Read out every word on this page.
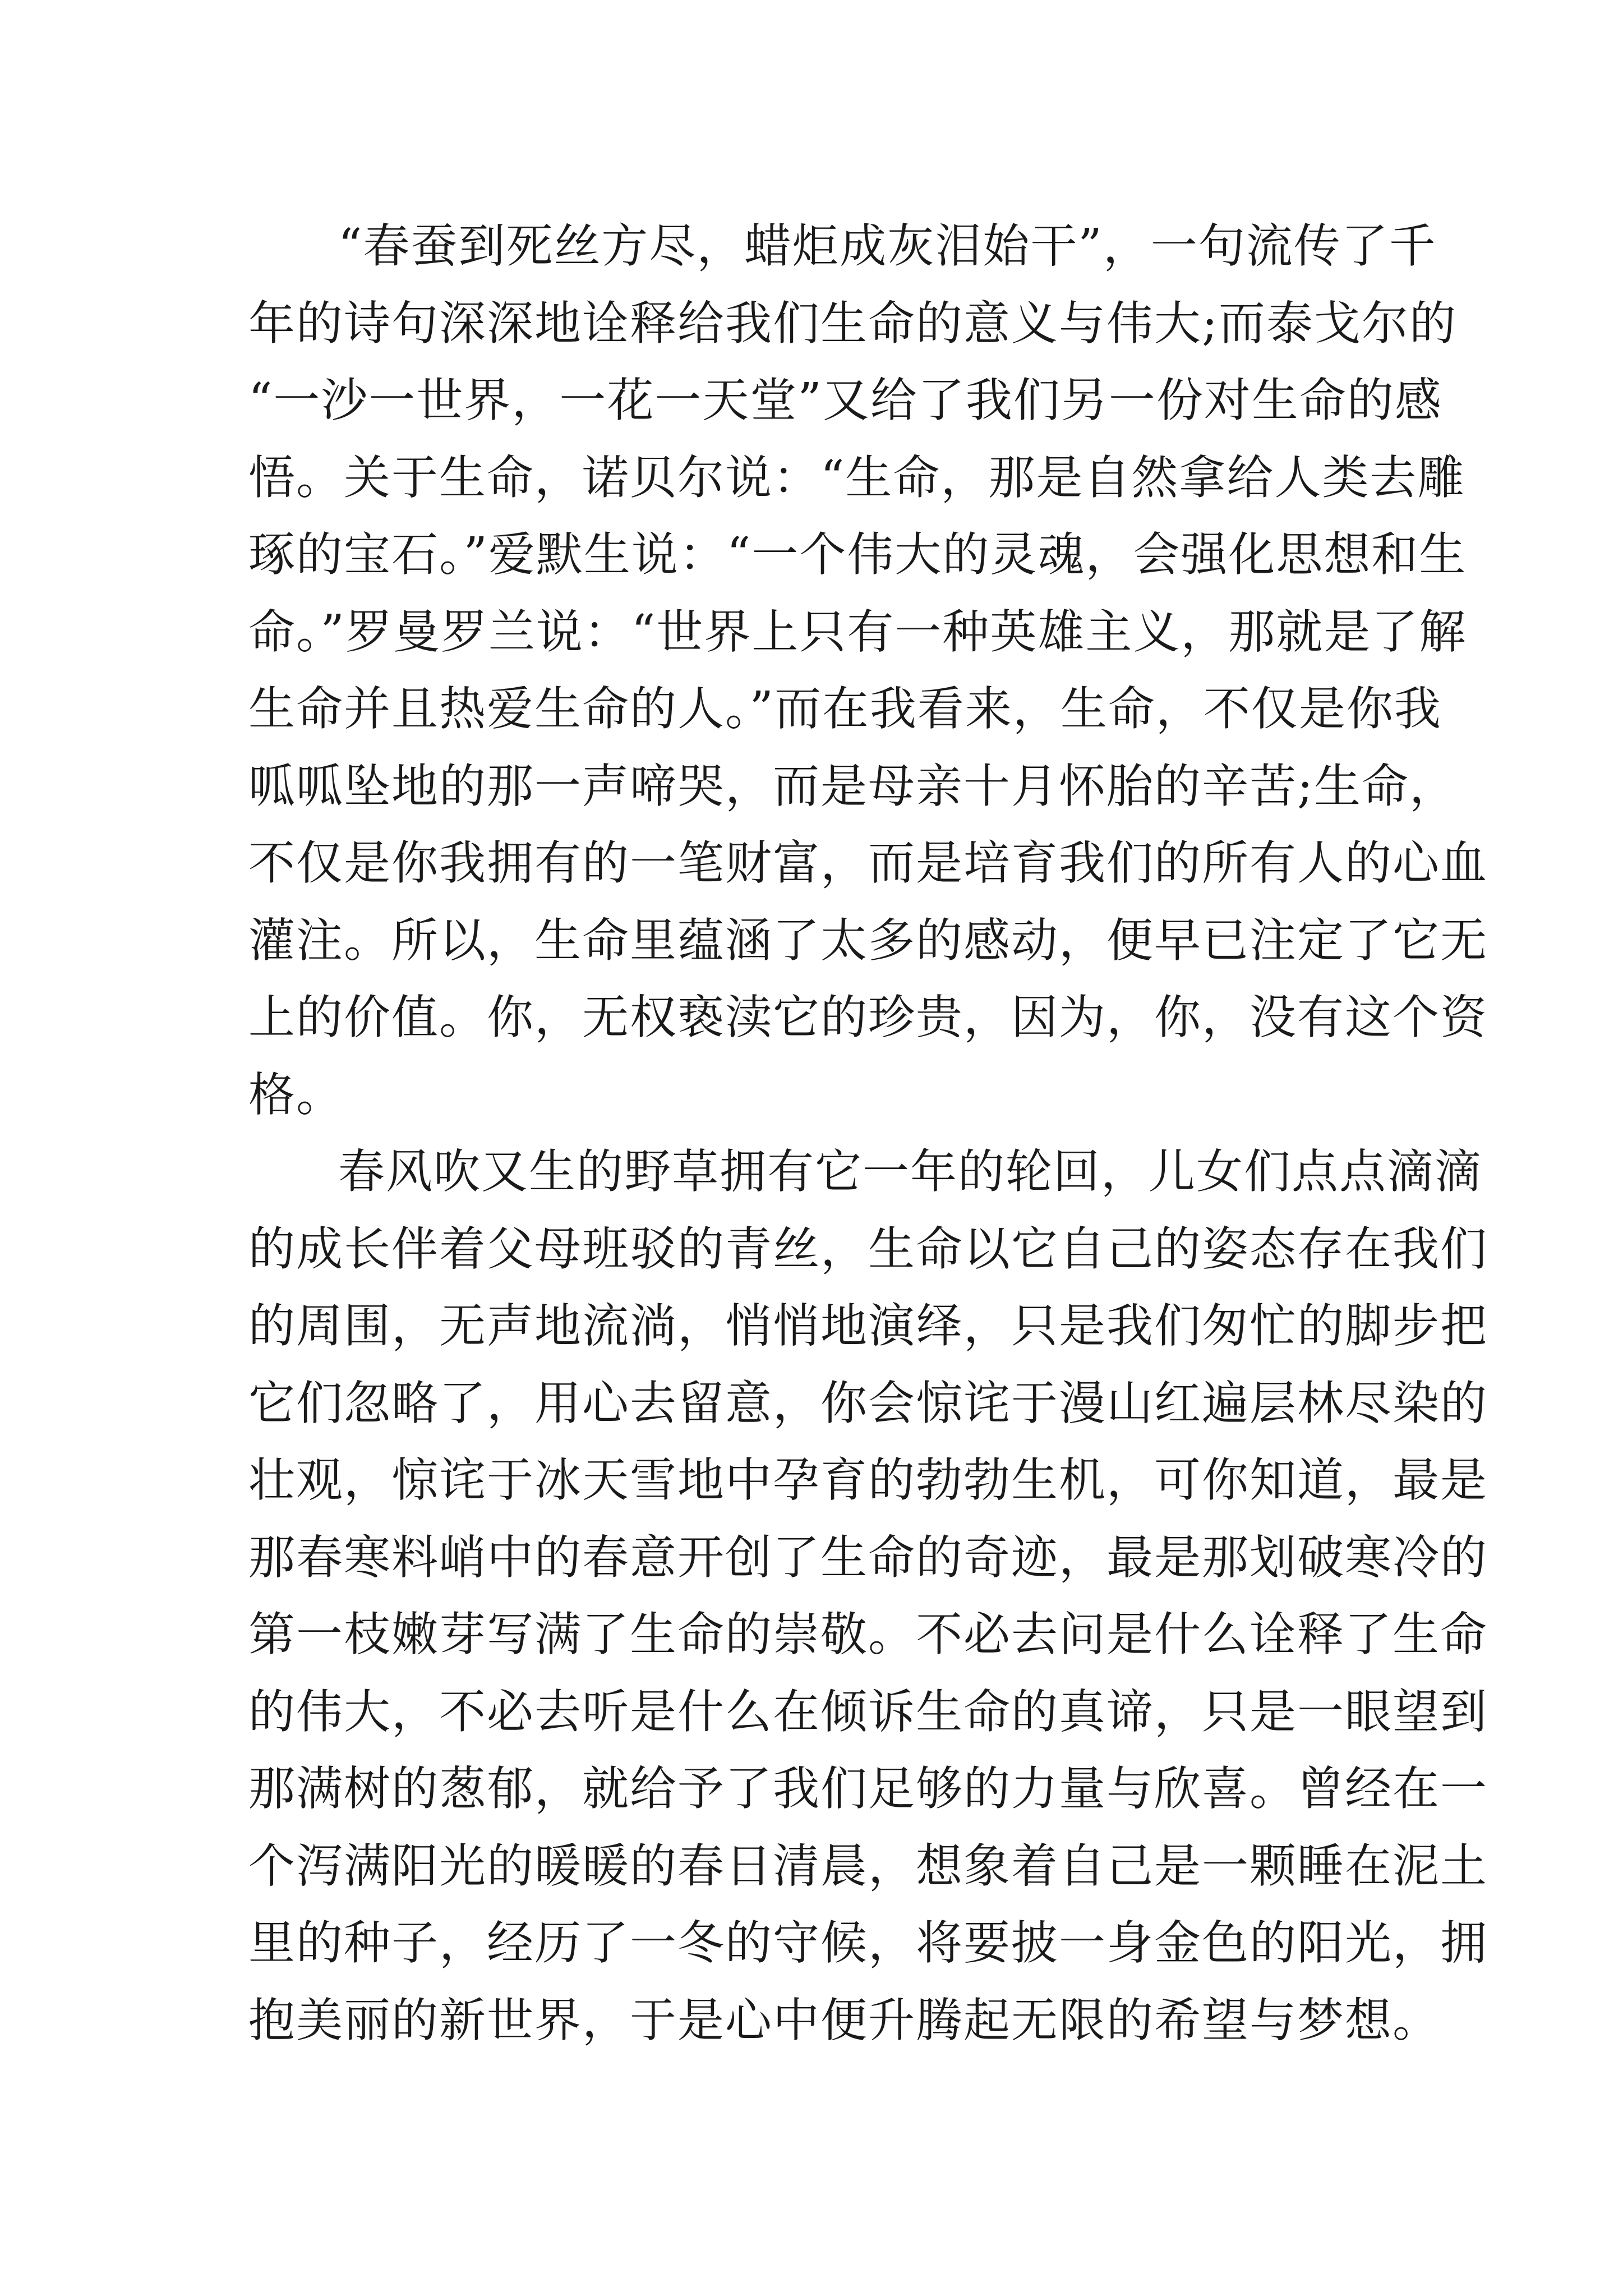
“春蚕到死丝方尽，蜡炬成灰泪始干”，一句流传了千
年的诗句深深地诠释给我们生命的意义与伟大;而泰戈尔的
“一沙一世界，一花一天堂”又给了我们另一份对生命的感
悟。关于生命，诺贝尔说：“生命，那是自然拿给人类去雕
琢的宝石。”爱默生说：“一个伟大的灵魂，会强化思想和生
命。”罗曼罗兰说：“世界上只有一种英雄主义，那就是了解
生命并且热爱生命的人。”而在我看来，生命，不仅是你我
呱呱坠地的那一声啼哭，而是母亲十月怀胎的辛苦;生命，
不仅是你我拥有的一笔财富，而是培育我们的所有人的心血
灌注。所以，生命里蕴涵了太多的感动，便早已注定了它无
上的价值。你，无权亵渎它的珍贵，因为，你，没有这个资
格。
春风吹又生的野草拥有它一年的轮回，儿女们点点滴滴
的成长伴着父母班驳的青丝，生命以它自己的姿态存在我们
的周围，无声地流淌，悄悄地演绎，只是我们匆忙的脚步把
它们忽略了，用心去留意，你会惊诧于漫山红遍层林尽染的
壮观，惊诧于冰天雪地中孕育的勃勃生机，可你知道，最是
那春寒料峭中的春意开创了生命的奇迹，最是那划破寒冷的
第一枝嫩芽写满了生命的崇敬。不必去问是什么诠释了生命
的伟大，不必去听是什么在倾诉生命的真谛，只是一眼望到
那满树的葱郁，就给予了我们足够的力量与欣喜。曾经在一
个泻满阳光的暖暖的春日清晨，想象着自己是一颗睡在泥土
里的种子，经历了一冬的守候，将要披一身金色的阳光，拥
抱美丽的新世界，于是心中便升腾起无限的希望与梦想。
